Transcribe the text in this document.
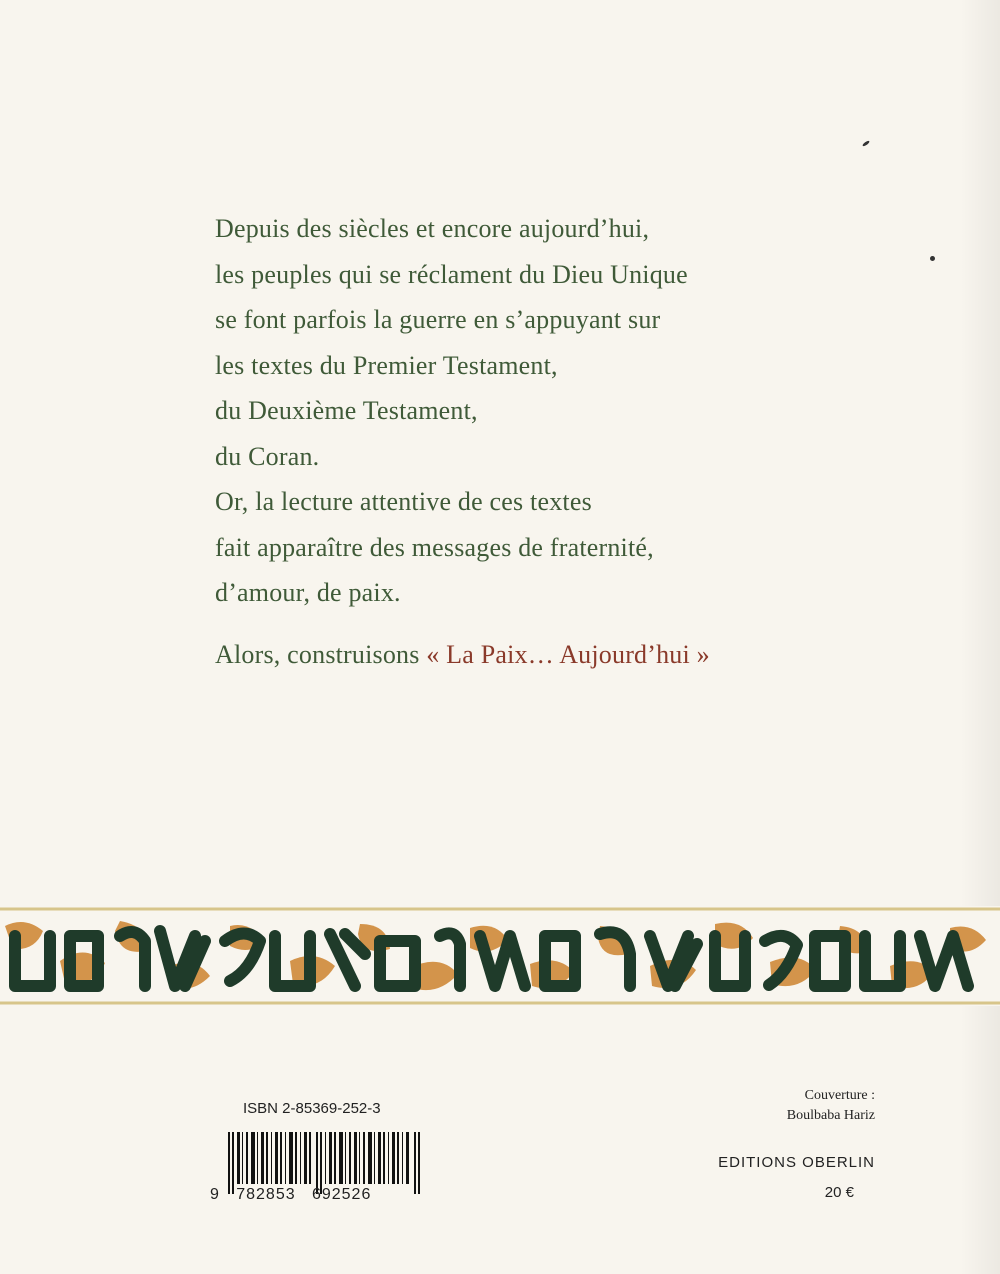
Depuis des siècles et encore aujourd’hui,
les peuples qui se réclament du Dieu Unique
se font parfois la guerre en s’appuyant sur
les textes du Premier Testament,
du Deuxième Testament,
du Coran.
Or, la lecture attentive de ces textes
fait apparaître des messages de fraternité,
d’amour, de paix.
Alors, construisons « La Paix… Aujourd’hui »
ISBN 2-85369-252-3
9   782853   692526
Couverture :
Boulbaba Hariz
EDITIONS OBERLIN
20 €
